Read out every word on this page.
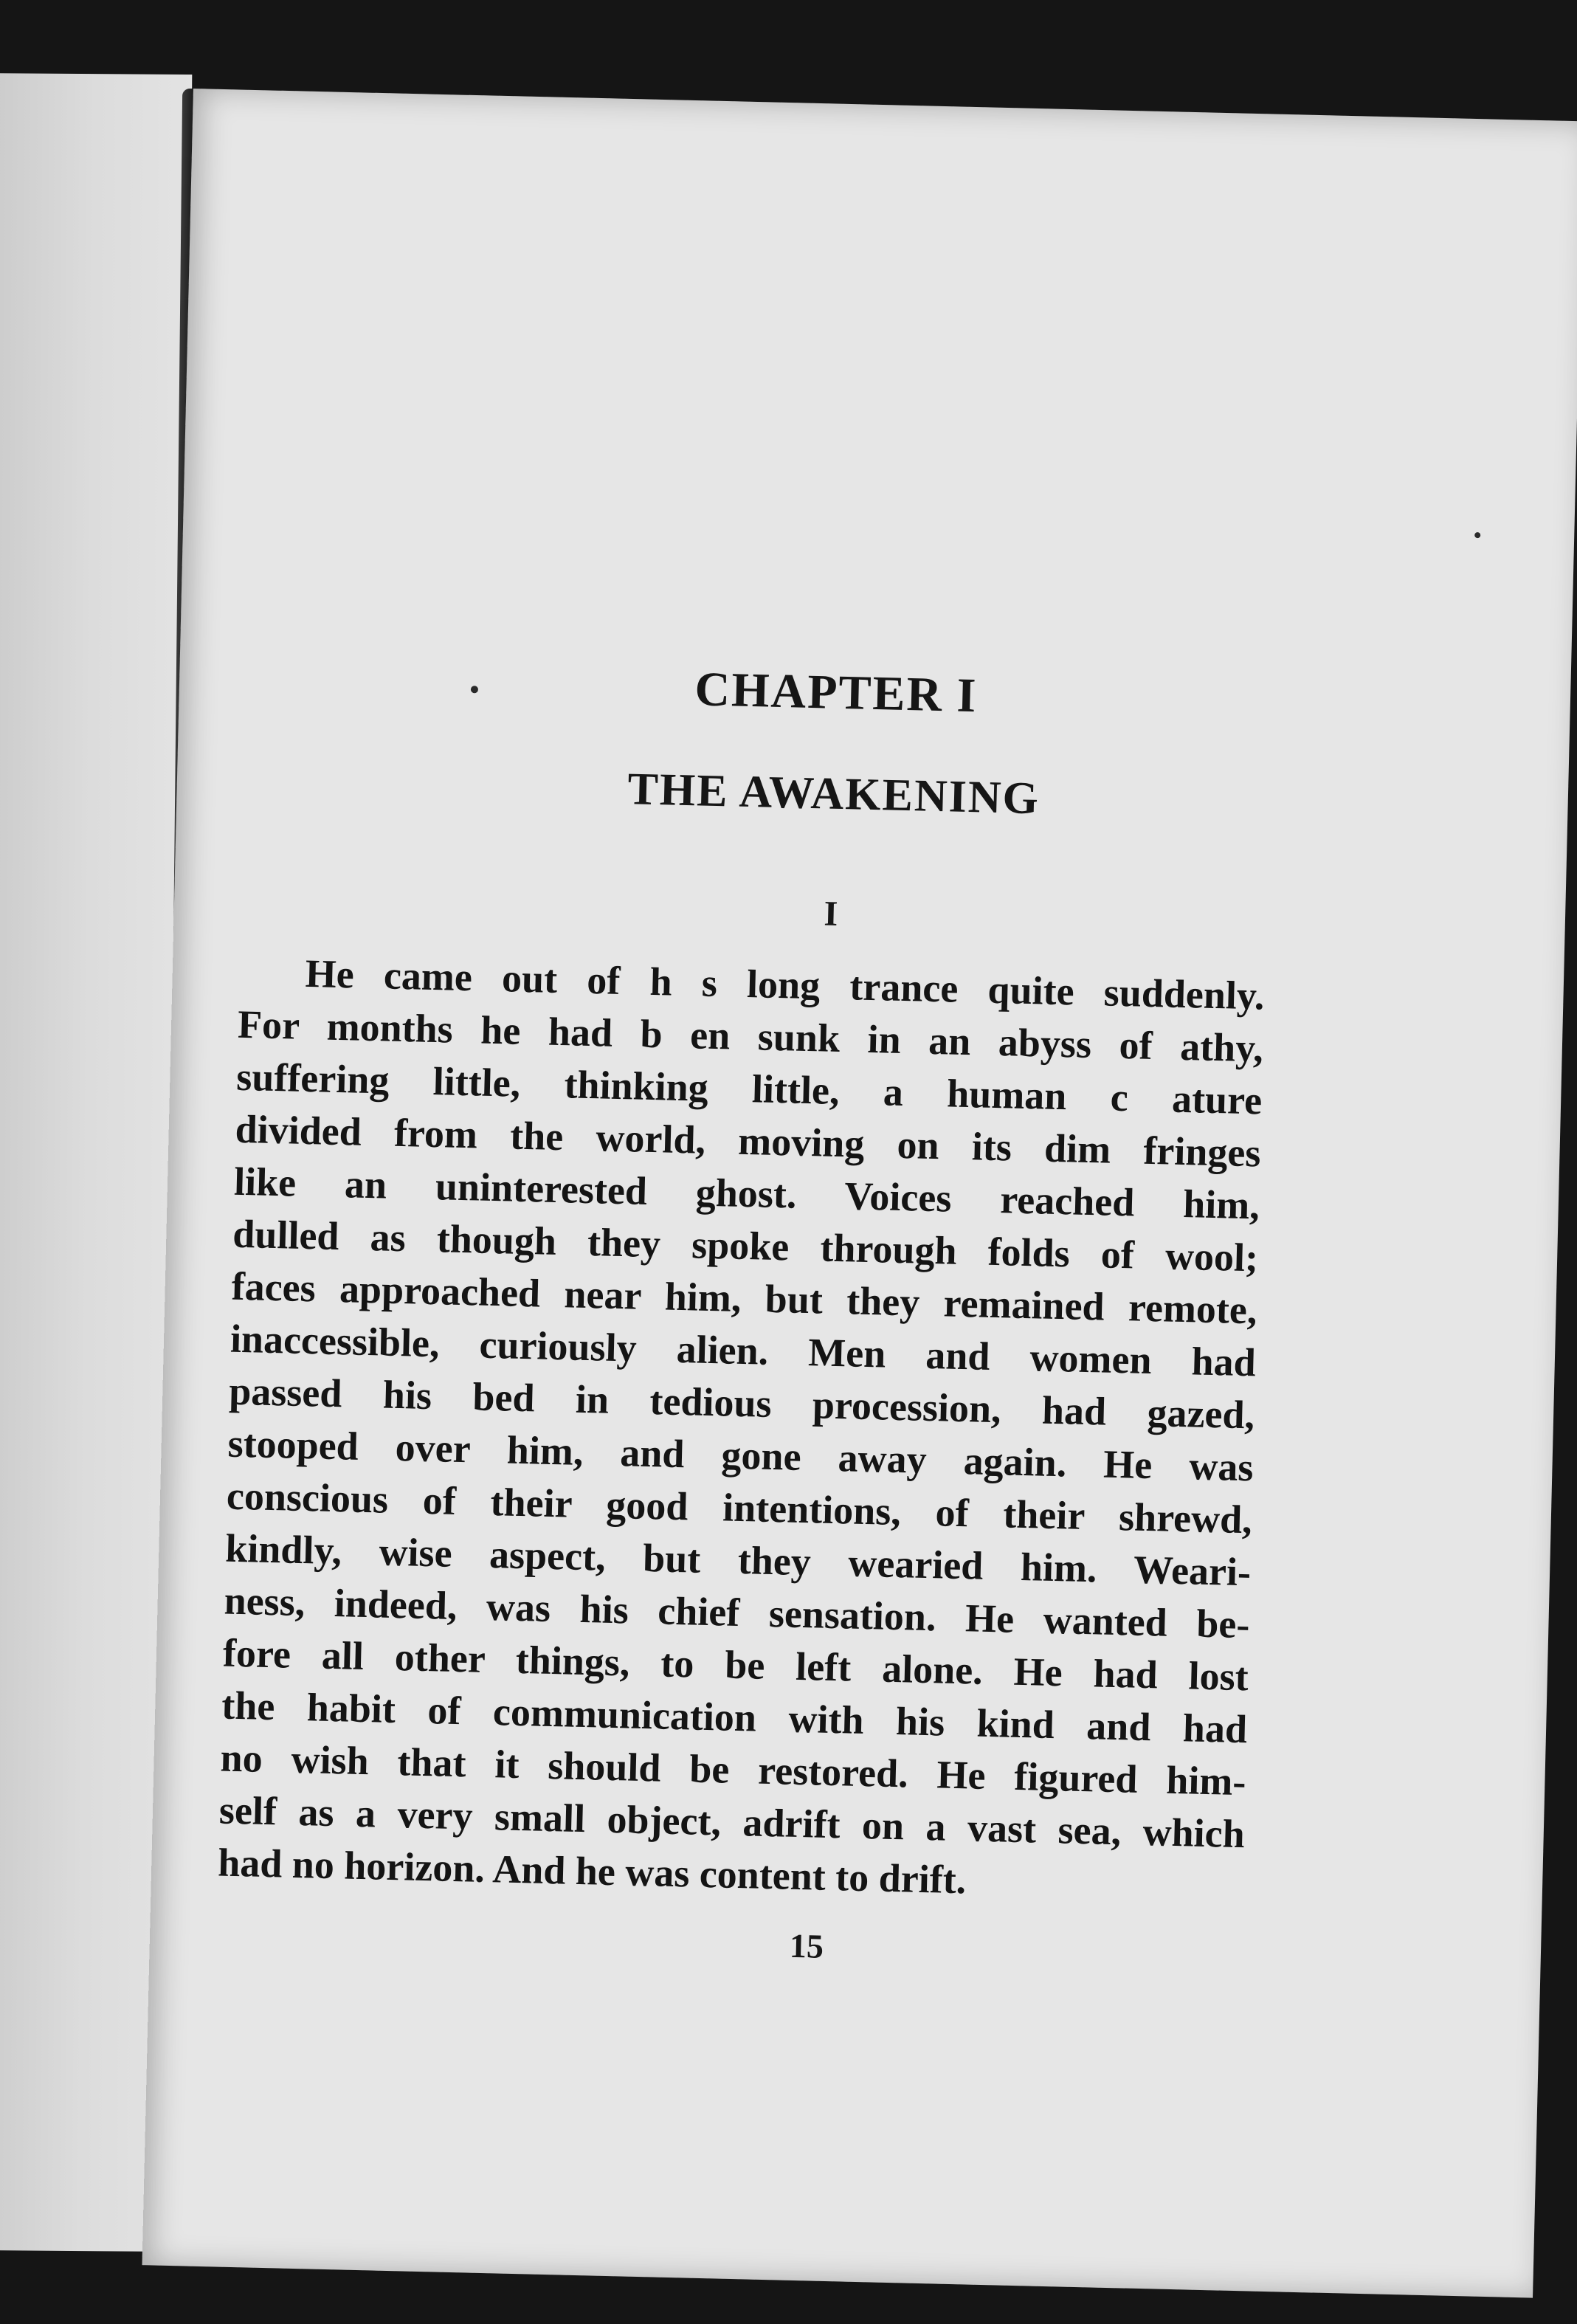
CHAPTER I
THE AWAKENING
I
He came out of h s long trance quite suddenly.
For months he had b en sunk in an abyss of athy,
suffering little, thinking little, a human c ature
divided from the world, moving on its dim fringes
like an uninterested ghost. Voices reached him,
dulled as though they spoke through folds of wool;
faces approached near him, but they remained remote,
inaccessible, curiously alien. Men and women had
passed his bed in tedious procession, had gazed,
stooped over him, and gone away again. He was
conscious of their good intentions, of their shrewd,
kindly, wise aspect, but they wearied him. Weari-
ness, indeed, was his chief sensation. He wanted be-
fore all other things, to be left alone. He had lost
the habit of communication with his kind and had
no wish that it should be restored. He figured him-
self as a very small object, adrift on a vast sea, which
had no horizon. And he was content to drift.
15
